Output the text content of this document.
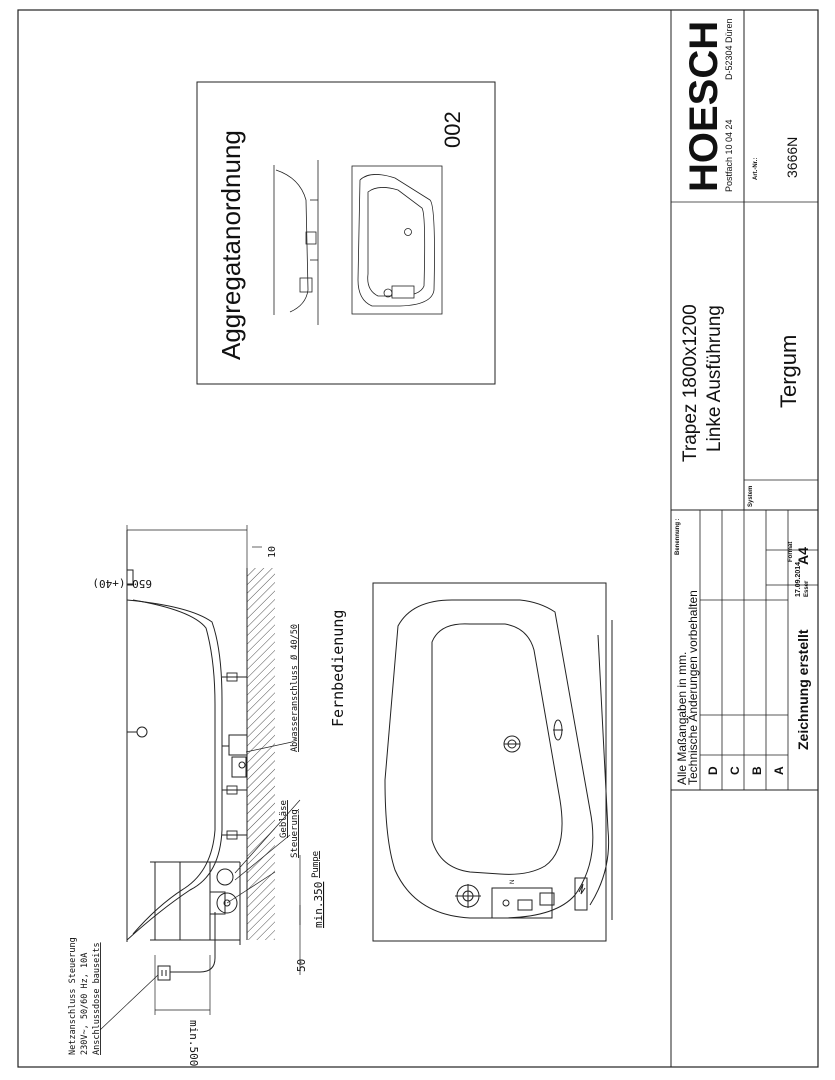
Aggregatanordnung
002
Netzanschluss Steuerung 230V~, 50/60 Hz, 10A Anschlussdose bauseits	min.500
50
min.350
Pumpe
Steuerung
Gebläse
Abwasseranschluss Ø 40/50
650 (+40)
10
Fernbedienung
N
Alle Maßangaben in mm.
Technische Änderungen vorbehalten D C B A
Zeichnung erstellt
17.09.2014 Esser
Format A4
Benennung :
Trapez 1800x1200 Linke Ausführung
System
Tergum
HOESCH
Postfach 10 04 24
D-52304 Düren
Art.-Nr.: 3666N
